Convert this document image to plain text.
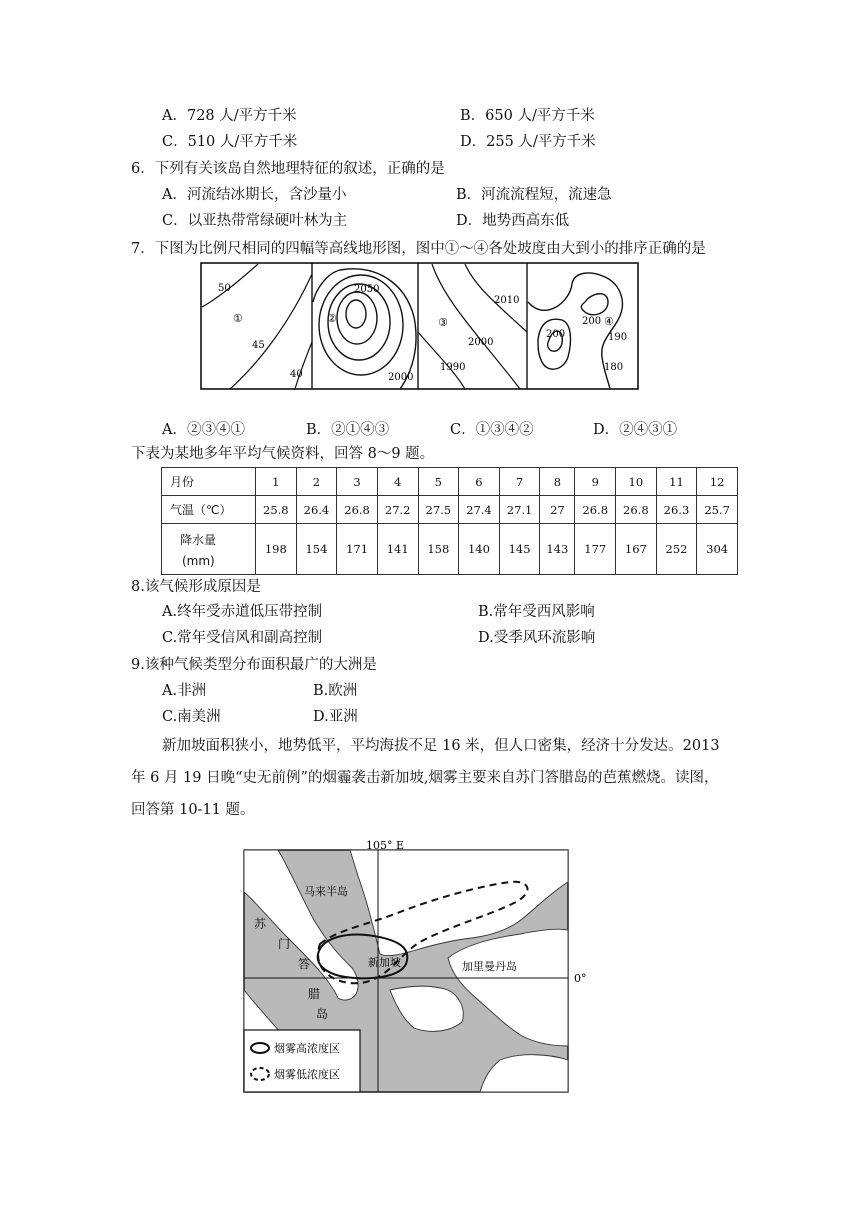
A．728 人/平方千米	B．650 人/平方千米
C．510 人/平方千米	D．255 人/平方千米
6．下列有关该岛自然地理特征的叙述，正确的是
A．河流结冰期长，含沙量小	B．河流流程短，流速急
C．以亚热带常绿硬叶林为主	D．地势西高东低
7．下图为比例尺相同的四幅等高线地形图，图中①～④各处坡度由大到小的排序正确的是
50
①
45
40
2050
②
2000
2010
③
2000
1990
200
200 ④
190
180
A．②③④①	B．②①④③	C．①③④②	D．②④③①
下表为某地多年平均气候资料，回答 8～9 题。
月份	1	2	3	4	5	6	7	8	9	10	11	12
气温（℃）	25.8	26.4	26.8	27.2	27.5	27.4	27.1	27	26.8	26.8	26.3	25.7

降水量
(mm)	198	154	171	141	158	140	145	143	177	167	252	304
8.该气候形成原因是
A.终年受赤道低压带控制	B.常年受西风影响
C.常年受信风和副高控制	D.受季风环流影响
9.该种气候类型分布面积最广的大洲是
A.非洲	B.欧洲
C.南美洲	D.亚洲
新加坡面积狭小，地势低平，平均海拔不足 16 米，但人口密集，经济十分发达。2013
年 6 月 19 日晚“史无前例”的烟霾袭击新加坡,烟雾主要来自苏门答腊岛的芭蕉燃烧。读图，
回答第 10-11 题。
105° E
0°
马来半岛
苏
门
答
腊
岛
新加坡	加里曼丹岛
烟雾高浓度区
烟雾低浓度区
